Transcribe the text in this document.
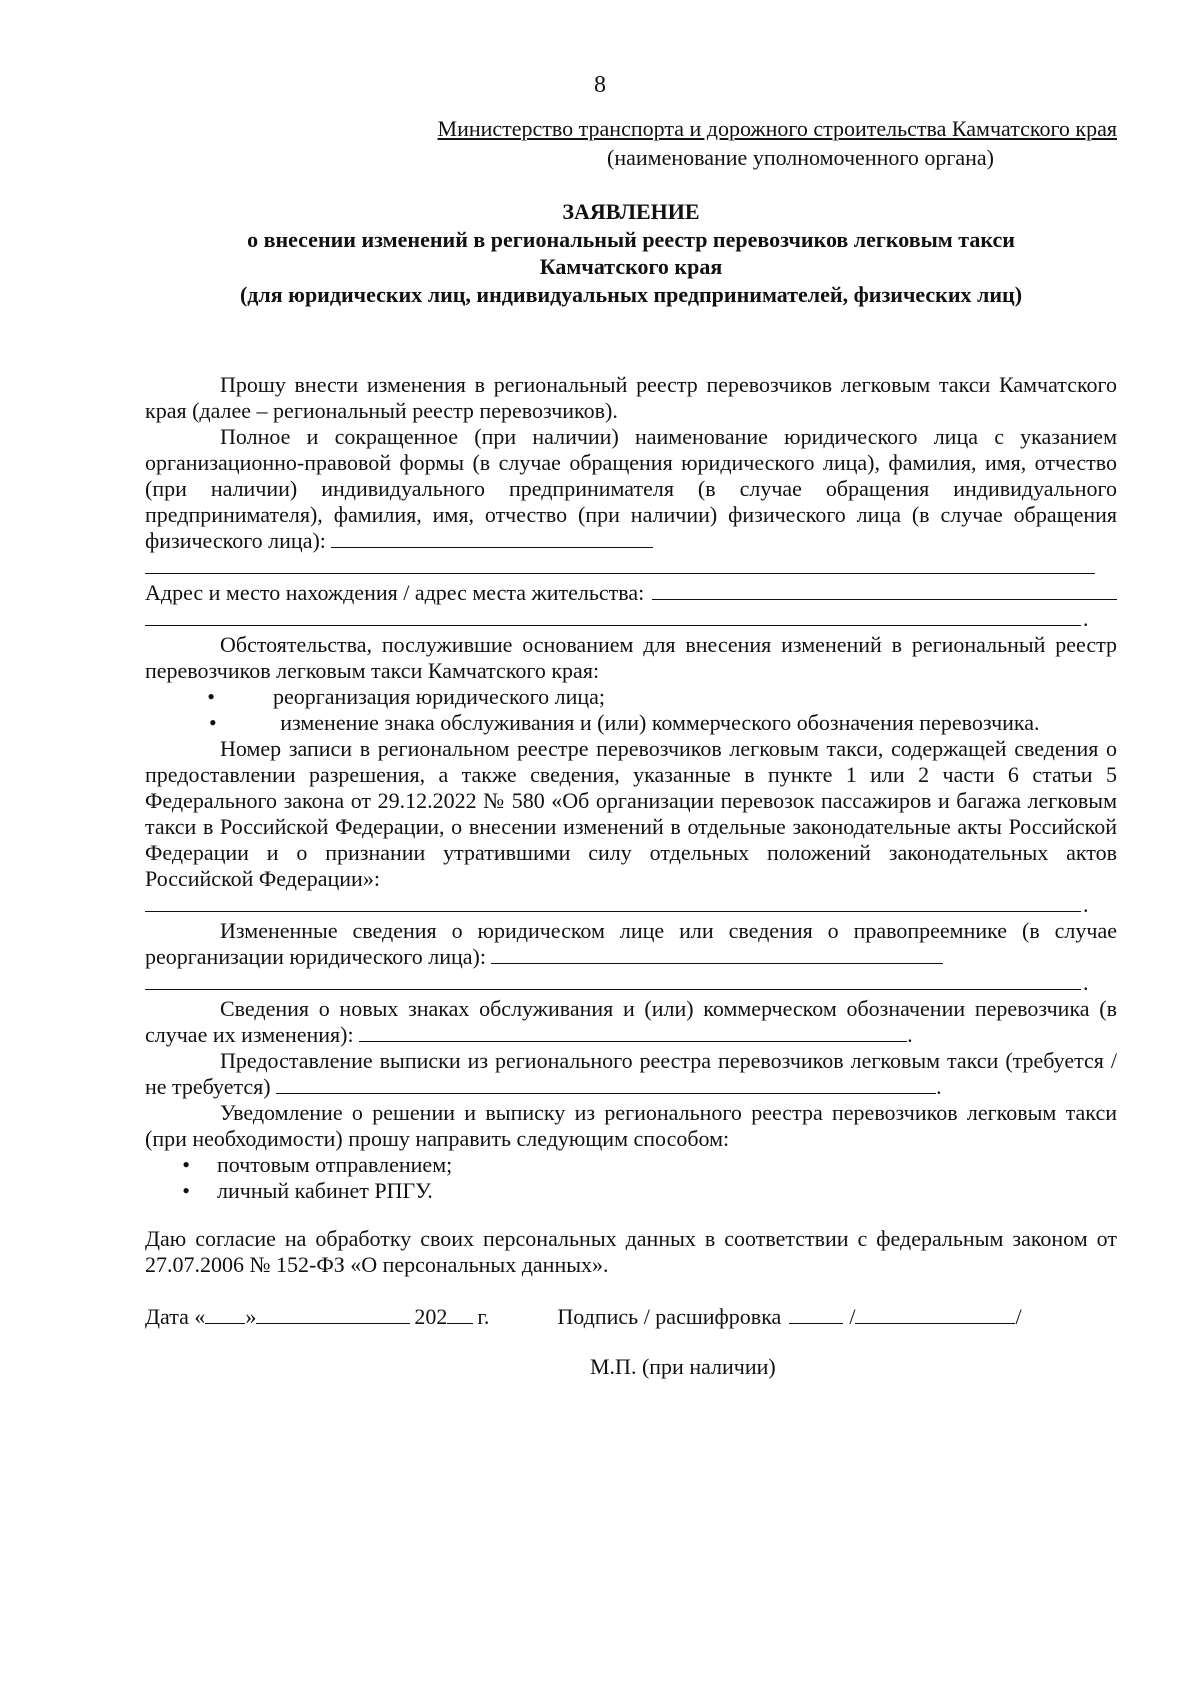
8
Министерство транспорта и дорожного строительства Камчатского края
(наименование уполномоченного органа)
ЗАЯВЛЕНИЕ
о внесении изменений в региональный реестр перевозчиков легковым такси
Камчатского края
(для юридических лиц, индивидуальных предпринимателей, физических лиц)

Прошу внести изменения в региональный реестр перевозчиков легковым такси Камчатского края (далее – региональный реестр перевозчиков).

Полное и сокращенное (при наличии) наименование юридического лица с указанием организационно-правовой формы (в случае обращения юридического лица), фамилия, имя, отчество (при наличии) индивидуального предпринимателя (в случае обращения индивидуального предпринимателя), фамилия, имя, отчество (при наличии) физического лица (в случае обращения физического лица):

Адрес и место нахождения / адрес места жительства:
.

Обстоятельства, послужившие основанием для внесения изменений в региональный реестр перевозчиков легковым такси Камчатского края:

•	реорганизация юридического лица;

•	изменение знака обслуживания и (или) коммерческого обозначения перевозчика.

Номер записи в региональном реестре перевозчиков легковым такси, содержащей сведения о предоставлении разрешения, а также сведения, указанные в пункте 1 или 2 части 6 статьи 5 Федерального закона от 29.12.2022 № 580 «Об организации перевозок пассажиров и багажа легковым такси в Российской Федерации, о внесении изменений в отдельные законодательные акты Российской Федерации и о признании утратившими силу отдельных положений законодательных актов Российской Федерации»:

.

Измененные сведения о юридическом лице или сведения о правопреемнике (в случае реорганизации юридического лица):

.

Сведения о новых знаках обслуживания и (или) коммерческом обозначении перевозчика (в случае их изменения):	.

Предоставление выписки из регионального реестра перевозчиков легковым такси (требуется / не требуется)	.

Уведомление о решении и выписку из регионального реестра перевозчиков легковым такси (при необходимости) прошу направить следующим способом:

• почтовым отправлением;
• личный кабинет РПГУ.

Даю согласие на обработку своих персональных данных в соответствии с федеральным законом от 27.07.2006 № 152-ФЗ «О персональных данных».

Дата « »	202 г.	Подпись / расшифровка	/	/
М.П. (при наличии)
